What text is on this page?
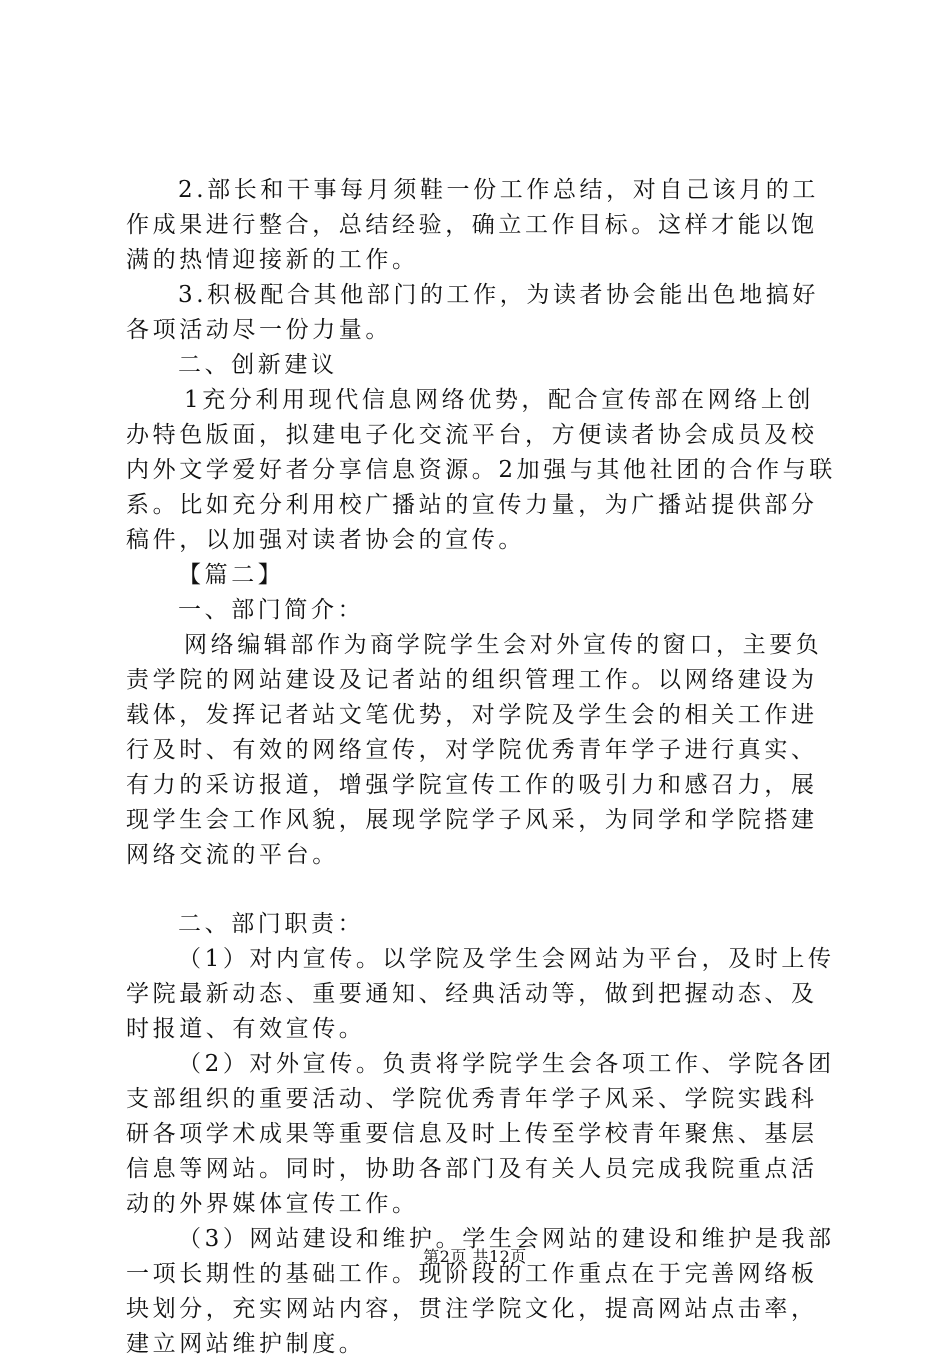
2.部长和干事每月须鞋一份工作总结，对自己该月的工作成果进行整合，总结经验，确立工作目标。这样才能以饱满的热情迎接新的工作。

3.积极配合其他部门的工作，为读者协会能出色地搞好各项活动尽一份力量。

二、创新建议

1充分利用现代信息网络优势，配合宣传部在网络上创办特色版面，拟建电子化交流平台，方便读者协会成员及校内外文学爱好者分享信息资源。2加强与其他社团的合作与联系。比如充分利用校广播站的宣传力量，为广播站提供部分稿件，以加强对读者协会的宣传。

【篇二】

一、部门简介：

网络编辑部作为商学院学生会对外宣传的窗口，主要负责学院的网站建设及记者站的组织管理工作。以网络建设为载体，发挥记者站文笔优势，对学院及学生会的相关工作进行及时、有效的网络宣传，对学院优秀青年学子进行真实、有力的采访报道，增强学院宣传工作的吸引力和感召力，展现学生会工作风貌，展现学院学子风采，为同学和学院搭建网络交流的平台。

二、部门职责：

（1）对内宣传。以学院及学生会网站为平台，及时上传学院最新动态、重要通知、经典活动等，做到把握动态、及时报道、有效宣传。

（2）对外宣传。负责将学院学生会各项工作、学院各团支部组织的重要活动、学院优秀青年学子风采、学院实践科研各项学术成果等重要信息及时上传至学校青年聚焦、基层信息等网站。同时，协助各部门及有关人员完成我院重点活动的外界媒体宣传工作。

（3）网站建设和维护。学生会网站的建设和维护是我部一项长期性的基础工作。现阶段的工作重点在于完善网络板块划分，充实网站内容，贯注学院文化，提高网站点击率，建立网站维护制度。

第2页 共12页
